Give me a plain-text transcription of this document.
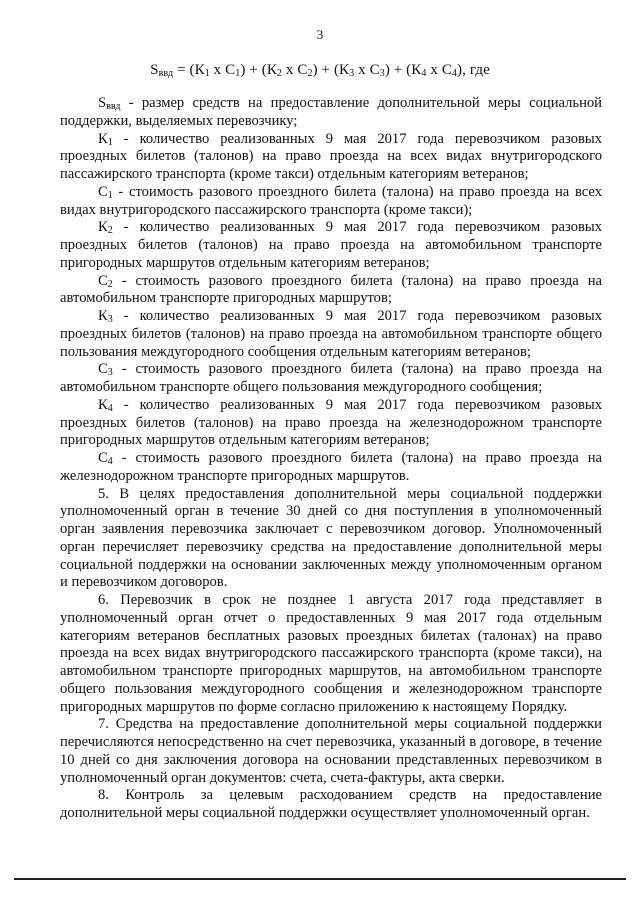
3
$S_{ввд} = (К_1$ x $С_1) + (К_2$ x $С_2) + (К_3$ x $С_3) + (К_4$ x $С_4$), где

$S_{ввд}$ - размер средств на предоставление дополнительной меры социальной поддержки, выделяемых перевозчику;

$К_1$ - количество реализованных 9 мая 2017 года перевозчиком разовых проездных билетов (талонов) на право проезда на всех видах внутригородского пассажирского транспорта (кроме такси) отдельным категориям ветеранов;

$С_1$ - стоимость разового проездного билета (талона) на право проезда на всех видах внутригородского пассажирского транспорта (кроме такси);

$К_2$ - количество реализованных 9 мая 2017 года перевозчиком разовых проездных билетов (талонов) на право проезда на автомобильном транспорте пригородных маршрутов отдельным категориям ветеранов;

$С_2$ - стоимость разового проездного билета (талона) на право проезда на автомобильном транспорте пригородных маршрутов;

$К_3$ - количество реализованных 9 мая 2017 года перевозчиком разовых проездных билетов (талонов) на право проезда на автомобильном транспорте общего пользования междугородного сообщения отдельным категориям ветеранов;

$С_3$ - стоимость разового проездного билета (талона) на право проезда на автомобильном транспорте общего пользования междугородного сообщения;

$К_4$ - количество реализованных 9 мая 2017 года перевозчиком разовых проездных билетов (талонов) на право проезда на железнодорожном транспорте пригородных маршрутов отдельным категориям ветеранов;

$С_4$ - стоимость разового проездного билета (талона) на право проезда на железнодорожном транспорте пригородных маршрутов.

5. В целях предоставления дополнительной меры социальной поддержки уполномоченный орган в течение 30 дней со дня поступления в уполномоченный орган заявления перевозчика заключает с перевозчиком договор. Уполномоченный орган перечисляет перевозчику средства на предоставление дополнительной меры социальной поддержки на основании заключенных между уполномоченным органом и перевозчиком договоров.

6. Перевозчик в срок не позднее 1 августа 2017 года представляет в уполномоченный орган отчет о предоставленных 9 мая 2017 года отдельным категориям ветеранов бесплатных разовых проездных билетах (талонах) на право проезда на всех видах внутригородского пассажирского транспорта (кроме такси), на автомобильном транспорте пригородных маршрутов, на автомобильном транспорте общего пользования междугородного сообщения и железнодорожном транспорте пригородных маршрутов по форме согласно приложению к настоящему Порядку.

7. Средства на предоставление дополнительной меры социальной поддержки перечисляются непосредственно на счет перевозчика, указанный в договоре, в течение 10 дней со дня заключения договора на основании представленных перевозчиком в уполномоченный орган документов: счета, счета-фактуры, акта сверки.

8. Контроль за целевым расходованием средств на предоставление дополнительной меры социальной поддержки осуществляет уполномоченный орган.
